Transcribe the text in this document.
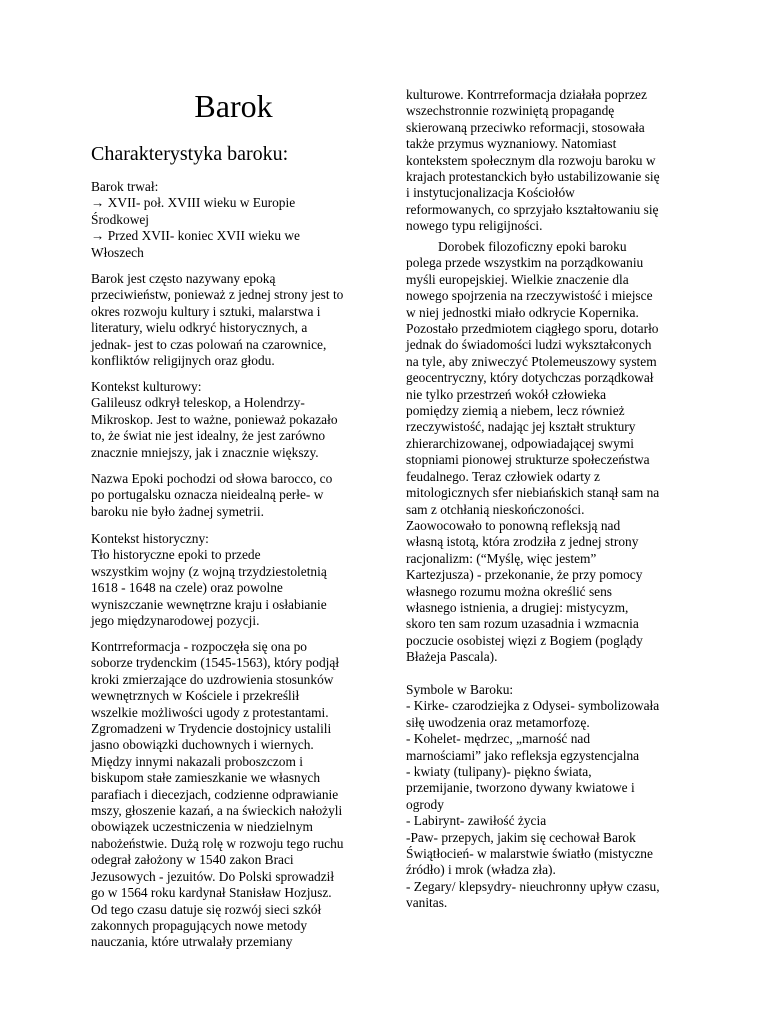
Barok
Charakterystyka baroku:

Barok trwał:
→ XVII- poł. XVIII wieku w Europie
Środkowej
→ Przed XVII- koniec XVII wieku we
Włoszech

Barok jest często nazywany epoką
przeciwieństw, ponieważ z jednej strony jest to
okres rozwoju kultury i sztuki, malarstwa i
literatury, wielu odkryć historycznych, a
jednak- jest to czas polowań na czarownice,
konfliktów religijnych oraz głodu.

Kontekst kulturowy:
Galileusz odkrył teleskop, a Holendrzy-
Mikroskop. Jest to ważne, ponieważ pokazało
to, że świat nie jest idealny, że jest zarówno
znacznie mniejszy, jak i znacznie większy.

Nazwa Epoki pochodzi od słowa barocco, co
po portugalsku oznacza nieidealną perłe- w
baroku nie było żadnej symetrii.

Kontekst historyczny:
Tło historyczne epoki to przede
wszystkim wojny (z wojną trzydziestoletnią
1618 - 1648 na czele) oraz powolne
wyniszczanie wewnętrzne kraju i osłabianie
jego międzynarodowej pozycji.

Kontrreformacja - rozpoczęła się ona po
soborze trydenckim (1545-1563), który podjął
kroki zmierzające do uzdrowienia stosunków
wewnętrznych w Kościele i przekreślił
wszelkie możliwości ugody z protestantami.
Zgromadzeni w Trydencie dostojnicy ustalili
jasno obowiązki duchownych i wiernych.
Między innymi nakazali proboszczom i
biskupom stałe zamieszkanie we własnych
parafiach i diecezjach, codzienne odprawianie
mszy, głoszenie kazań, a na świeckich nałożyli
obowiązek uczestniczenia w niedzielnym
nabożeństwie. Dużą rolę w rozwoju tego ruchu
odegrał założony w 1540 zakon Braci
Jezusowych - jezuitów. Do Polski sprowadził
go w 1564 roku kardynał Stanisław Hozjusz.
Od tego czasu datuje się rozwój sieci szkół
zakonnych propagujących nowe metody
nauczania, które utrwalały przemiany

kulturowe. Kontrreformacja działała poprzez
wszechstronnie rozwiniętą propagandę
skierowaną przeciwko reformacji, stosowała
także przymus wyznaniowy. Natomiast
kontekstem społecznym dla rozwoju baroku w
krajach protestanckich było ustabilizowanie się
i instytucjonalizacja Kościołów
reformowanych, co sprzyjało kształtowaniu się
nowego typu religijności.

Dorobek filozoficzny epoki baroku
polega przede wszystkim na porządkowaniu
myśli europejskiej. Wielkie znaczenie dla
nowego spojrzenia na rzeczywistość i miejsce
w niej jednostki miało odkrycie Kopernika.
Pozostało przedmiotem ciągłego sporu, dotarło
jednak do świadomości ludzi wykształconych
na tyle, aby zniweczyć Ptolemeuszowy system
geocentryczny, który dotychczas porządkował
nie tylko przestrzeń wokół człowieka
pomiędzy ziemią a niebem, lecz również
rzeczywistość, nadając jej kształt struktury
zhierarchizowanej, odpowiadającej swymi
stopniami pionowej strukturze społeczeństwa
feudalnego. Teraz człowiek odarty z
mitologicznych sfer niebiańskich stanął sam na
sam z otchłanią nieskończoności.
Zaowocowało to ponowną refleksją nad
własną istotą, która zrodziła z jednej strony
racjonalizm: (“Myślę, więc jestem”
Kartezjusza) - przekonanie, że przy pomocy
własnego rozumu można określić sens
własnego istnienia, a drugiej: mistycyzm,
skoro ten sam rozum uzasadnia i wzmacnia
poczucie osobistej więzi z Bogiem (poglądy
Błażeja Pascala).

Symbole w Baroku:
- Kirke- czarodziejka z Odysei- symbolizowała
siłę uwodzenia oraz metamorfozę.
- Kohelet- mędrzec, „marność nad
marnościami” jako refleksja egzystencjalna
- kwiaty (tulipany)- piękno świata,
przemijanie, tworzono dywany kwiatowe i
ogrody
- Labirynt- zawiłość życia
-Paw- przepych, jakim się cechował Barok
Świątłocień- w malarstwie światło (mistyczne
źródło) i mrok (władza zła).
- Zegary/ klepsydry- nieuchronny upływ czasu,
vanitas.
